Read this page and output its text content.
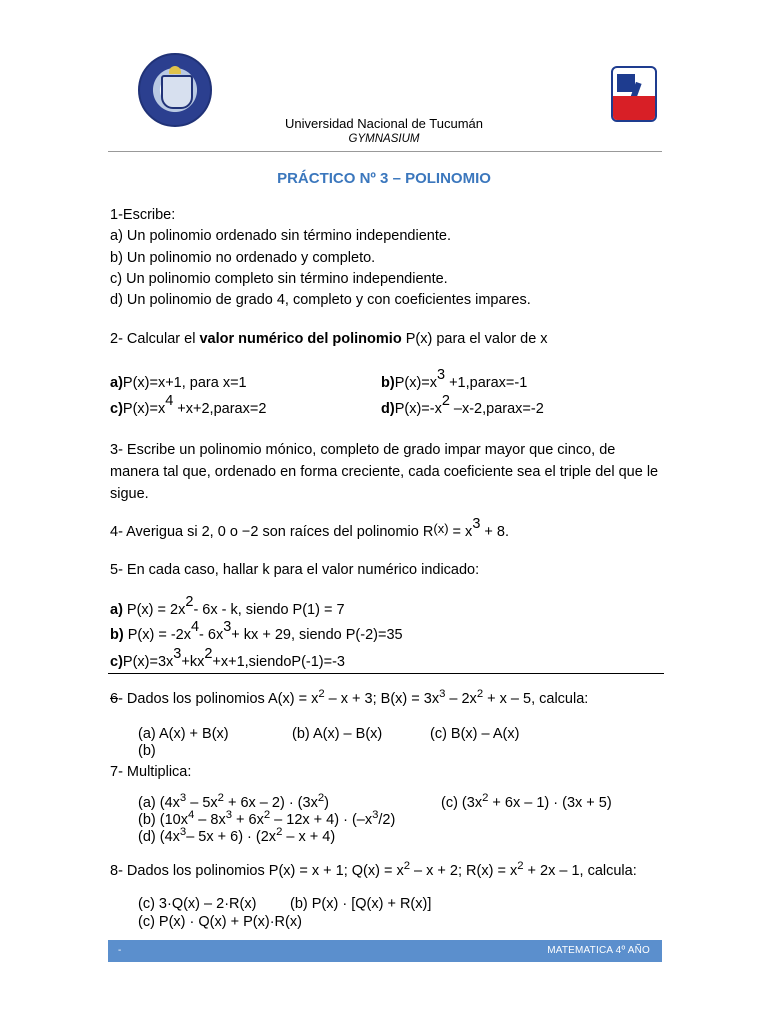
Universidad Nacional de Tucumán
GYMNASIUM
PRÁCTICO Nº 3 – POLINOMIO
1-Escribe:
a) Un polinomio ordenado sin término independiente.
b) Un polinomio no ordenado y completo.
c) Un polinomio completo sin término independiente.
d) Un polinomio de grado 4, completo y con coeficientes impares.
2- Calcular el valor numérico del polinomio P(x) para el valor de x
a)P(x)=x+1, para x=1	b)P(x)=x3 +1,parax=-1
c)P(x)=x4 +x+2,parax=2	d)P(x)=-x2 –x-2,parax=-2
3- Escribe un polinomio mónico, completo de grado impar mayor que cinco, de manera tal que, ordenado en forma creciente, cada coeficiente sea el triple del que le sigue.
4- Averigua si 2, 0 o −2 son raíces del polinomio R(x) = x3 + 8.
5- En cada caso, hallar k para el valor numérico indicado:
a) P(x) = 2x2- 6x - k, siendo P(1) = 7
b) P(x) = -2x4- 6x3+ kx + 29, siendo P(-2)=35
c)P(x)=3x3+kx2+x+1,siendoP(-1)=-3
6- Dados los polinomios $A(x) = x^2 - x + 3$; $B(x) = 3x^3 - 2x^2 + x - 5$, calcula:
(a) A(x) + B(x)	(b) A(x) – B(x)	(c) B(x) – A(x)
(b)
7- Multiplica:
(a) $(4x^3 - 5x^2 + 6x - 2) \cdot (3x^2)$	(c) $(3x^2 + 6x - 1) \cdot (3x + 5)$
(b) $(10x^4 - 8x^3 + 6x^2 - 12x + 4) \cdot (-x^3/2)$
(d) ($4x^3-$ $5x + 6) \cdot (2x^2 - x + 4)$
8- Dados los polinomios P(x) = x + 1; $Q(x) = x^2 - x + 2$; $R(x) = x^2 + 2x - 1$, calcula:
(c) 3·Q(x) – 2·R(x) (b) P(x) · [Q(x) + R(x)]
(c) P(x) · Q(x) + P(x)·R(x)
-	MATEMATICA 4º AÑO
